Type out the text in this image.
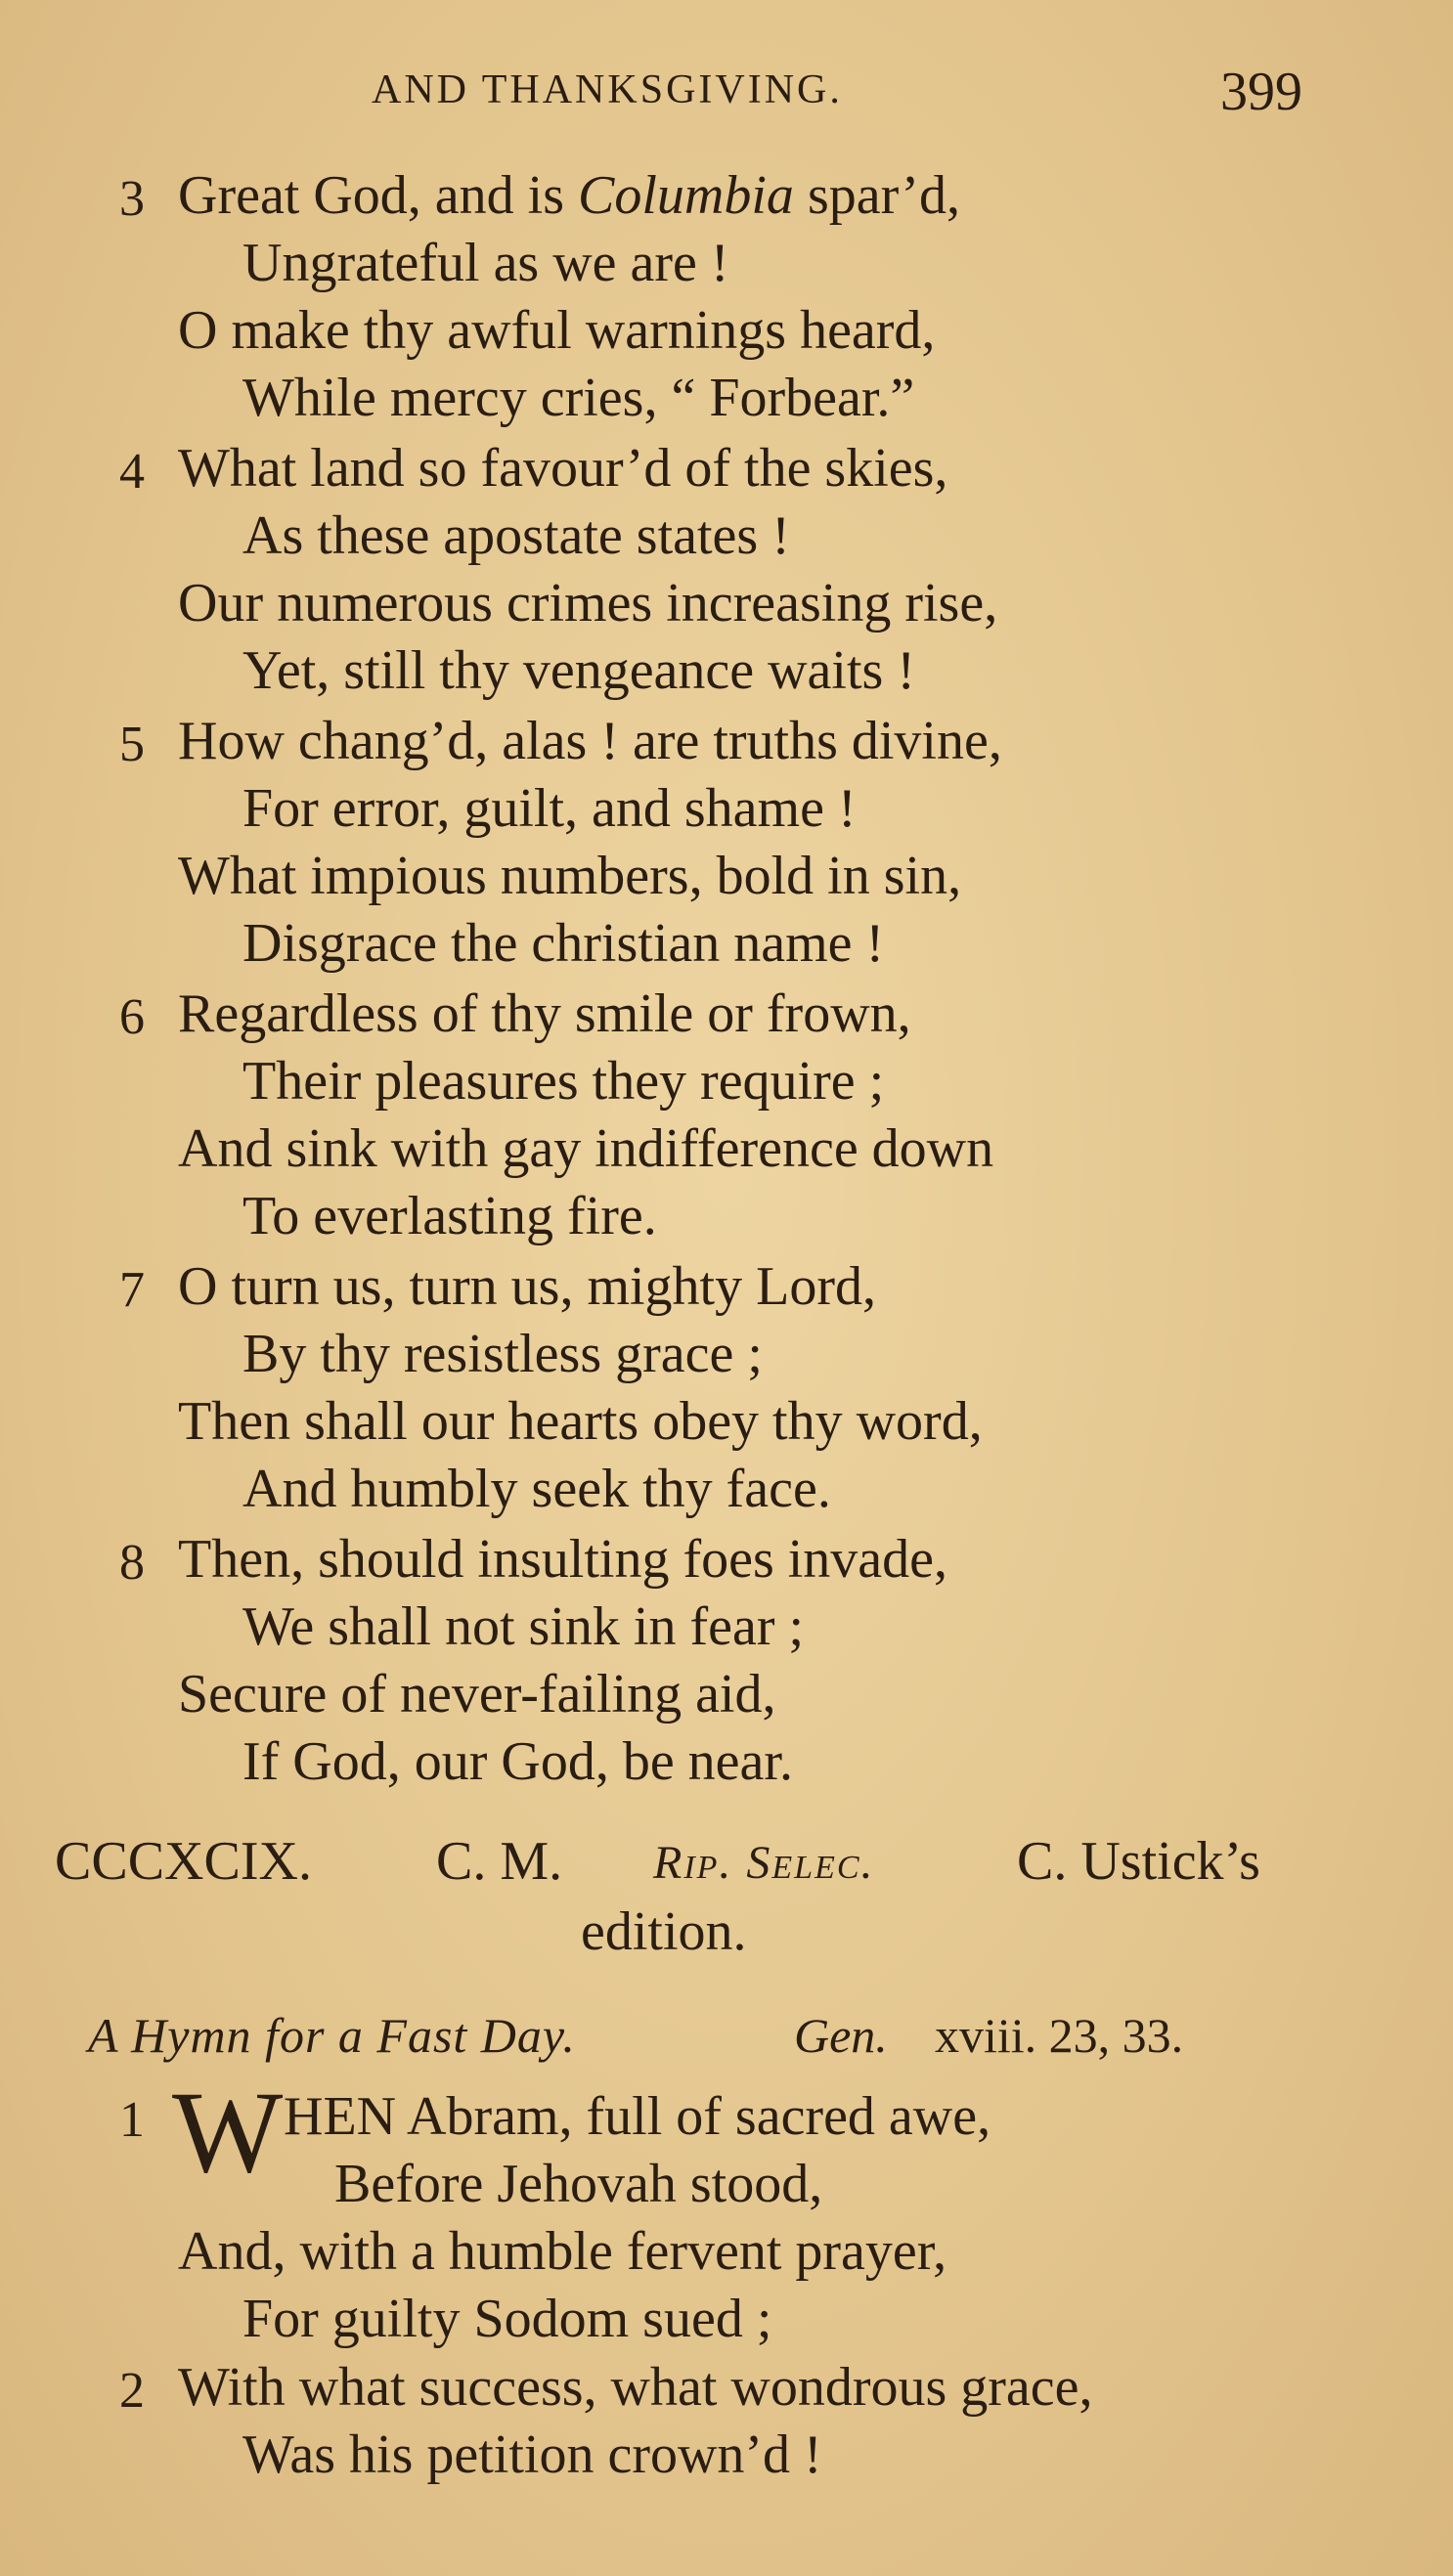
AND THANKSGIVING.	399
3 Great God, and is Columbia spar’d,
Ungrateful as we are !
O make thy awful warnings heard,
While mercy cries, “ Forbear.”
4 What land so favour’d of the skies,
As these apostate states !
Our numerous crimes increasing rise,
Yet, still thy vengeance waits !
5 How chang’d, alas ! are truths divine,
For error, guilt, and shame !
What impious numbers, bold in sin,
Disgrace the christian name !
6 Regardless of thy smile or frown,
Their pleasures they require ;
And sink with gay indifference down
To everlasting fire.
7 O turn us, turn us, mighty Lord,
By thy resistless grace ;
Then shall our hearts obey thy word,
And humbly seek thy face.
8 Then, should insulting foes invade,
We shall not sink in fear ;
Secure of never-failing aid,
If God, our God, be near.
CCCXCIX. C. M. Rip. Selec.	C. Ustick’s
edition.
A Hymn for a Fast Day.	Gen. xviii. 23, 33.
1 W HEN Abram, full of sacred awe,
Before Jehovah stood,
And, with a humble fervent prayer,
For guilty Sodom sued ;
2 With what success, what wondrous grace,
Was his petition crown’d !
